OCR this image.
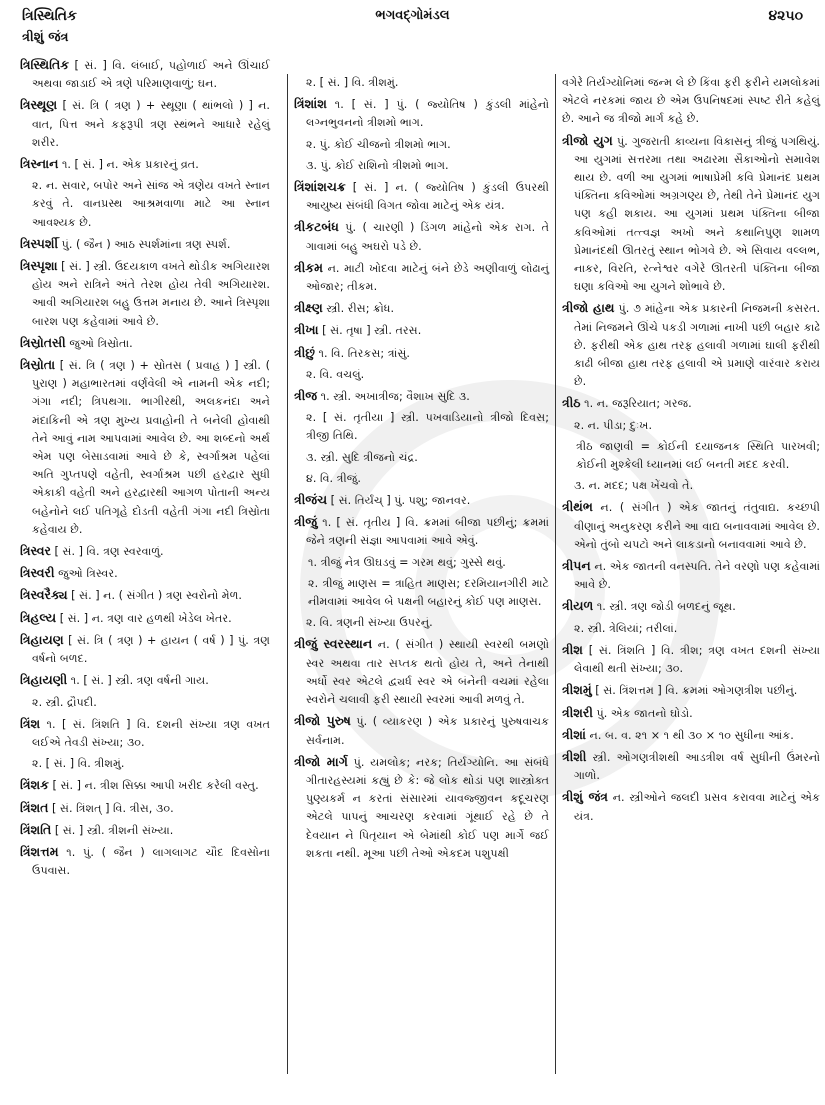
ત્રિસ્થિતિક	ભગવદ્ગોમંડલ	૪૨૫૦
ત્રીશું જંત્ર

ત્રિસ્થિતિક [ સં. ] વિ. લંબાઈ, પહોળાઈ અને ઊંચાઈ અથવા જાડાઈ એ ત્રણે પરિમાણવાળું; ઘન.

ત્રિસ્થૂણ [ સં. ત્રિ ( ત્રણ ) + સ્થૂણા ( થાંભલો ) ] ન. વાત, પિત્ત અને કફરૂપી ત્રણ સ્થંભને આધારે રહેલું શરીર.

ત્રિસ્નાન ૧. [ સં. ] ન. એક પ્રકારનું વ્રત.

૨. ન. સવાર, બપોર અને સાંજ એ ત્રણેય વખતે સ્નાન કરવું તે. વાનપ્રસ્થ આશ્રમવાળા માટે આ સ્નાન આવશ્યક છે.

ત્રિસ્પર્શી પું. ( જૈન ) આઠ સ્પર્શમાંના ત્રણ સ્પર્શ.

ત્રિસ્પૃશા [ સં. ] સ્ત્રી. ઉદયકાળ વખતે થોડીક અગિયારશ હોય અને રાત્રિને અંતે તેરશ હોય તેવી અગિયારશ. આવી અગિયારશ બહુ ઉત્તમ મનાય છે. આને ત્રિસ્પૃશા બારશ પણ કહેવામાં આવે છે.

ત્રિસ્રોતસી જુઓ ત્રિસ્રોતા.

ત્રિસ્રોતા [ સં. ત્રિ ( ત્રણ ) + સ્રોતસ ( પ્રવાહ ) ] સ્ત્રી. ( પુરાણ ) મહાભારતમાં વર્ણવેલી એ નામની એક નદી; ગંગા નદી; ત્રિપથગા. ભાગીરથી, અલકનંદા અને મંદાકિની એ ત્રણ મુખ્ય પ્રવાહોની તે બનેલી હોવાથી તેને આવું નામ આપવામાં આવેલ છે. આ શબ્દનો અર્થ એમ પણ બેસાડવામાં આવે છે કે, સ્વર્ગાશ્રમ પહેલાં અતિ ગુપ્તપણે વહેતી, સ્વર્ગાશ્રમ પછી હરદ્વાર સુધી એકાકી વહેતી અને હરદ્વારથી આગળ પોતાની અન્ય બહેનોને લઈ પતિગૃહે દોડતી વહેતી ગંગા નદી ત્રિસ્રોતા કહેવાય છે.

ત્રિસ્વર [ સં. ] વિ. ત્રણ સ્વરવાળું.

ત્રિસ્વરી જુઓ ત્રિસ્વર.

ત્રિસ્વરૈક્ય [ સં. ] ન. ( સંગીત ) ત્રણ સ્વરોનો મેળ.

ત્રિહલ્ય [ સં. ] ન. ત્રણ વાર હળથી ખેડેલ ખેતર.

ત્રિહાયણ [ સં. ત્રિ ( ત્રણ ) + હાયન ( વર્ષ ) ] પું. ત્રણ વર્ષનો બળદ.

ત્રિહાયણી ૧. [ સં. ] સ્ત્રી. ત્રણ વર્ષની ગાય.

૨. સ્ત્રી. દ્રૌપદી.

ત્રિંશ ૧. [ સં. ત્રિંશતિ ] વિ. દશની સંખ્યા ત્રણ વખત લઈએ તેવડી સંખ્યા; ૩૦.

૨. [ સં. ] વિ. ત્રીશમું.

ત્રિંશક [ સં. ] ન. ત્રીશ સિક્કા આપી ખરીદ કરેલી વસ્તુ.

ત્રિંશત [ સં. ત્રિંશત્ ] વિ. ત્રીસ, ૩૦.

ત્રિંશતિ [ સં. ] સ્ત્રી. ત્રીશની સંખ્યા.

ત્રિંશત્તમ ૧. પું. ( જૈન ) લાગલાગટ ચૌદ દિવસોના ઉપવાસ.

૨. [ સં. ] વિ. ત્રીશમું.

ત્રિંશાંશ ૧. [ સં. ] પું. ( જ્યોતિષ ) કુંડલી માંહેનો લગ્નભુવનનો ત્રીશમો ભાગ.

૨. પું. કોઈ ચીજનો ત્રીશમો ભાગ.

૩. પું. કોઈ રાશિનો ત્રીશમો ભાગ.

ત્રિંશાંશચક્ર [ સં. ] ન. ( જ્યોતિષ ) કુંડલી ઉપરથી આયુષ્ય સંબંધી વિગત જોવા માટેનું એક યંત્ર.

ત્રીકટબંધ પું. ( ચારણી ) ડિંગળ માંહેનો એક રાગ. તે ગાવામાં બહુ અઘરો પડે છે.

ત્રીકમ ન. માટી ખોદવા માટેનું બંને છેડે અણીવાળું લોઢાનું ઓજાર; તીકમ.

ત્રીક્ષ્ણ સ્ત્રી. રીસ; ક્રોધ.

ત્રીખા [ સં. તૃષા ] સ્ત્રી. તરસ.

ત્રીછું ૧. વિ. તિરકસ; ત્રાંસું.

૨. વિ. વચલું.

ત્રીજ ૧. સ્ત્રી. અખાત્રીજ; વૈશાખ સુદિ ૩.

૨. [ સં. તૃતીયા ] સ્ત્રી. પખવાડિયાનો ત્રીજો દિવસ; ત્રીજી તિથિ.

૩. સ્ત્રી. સુદિ ત્રીજનો ચંદ્ર.

૪. વિ. ત્રીજું.

ત્રીજંચ [ સં. તિર્યંચ્ ] પું. પશુ; જાનવર.

ત્રીજું ૧. [ સં. તૃતીય ] વિ. ક્રમમાં બીજા પછીનું; ક્રમમાં જેને ત્રણની સંજ્ઞા આપવામાં આવે એવું.

૧. ત્રીજું નેત્ર ઊઘડવું = ગરમ થવું; ગુસ્સે થવું.

૨. ત્રીજું માણસ = ત્રાહિત માણસ; દરમિયાનગીરી માટે નીમવામાં આવેલ બે પક્ષની બહારનું કોઈ પણ માણસ.

૨. વિ. ત્રણની સંખ્યા ઉપરનું.

ત્રીજું સ્વરસ્થાન ન. ( સંગીત ) સ્થાયી સ્વરથી બમણો સ્વર અથવા તાર સપ્તક થતો હોય તે, અને તેનાથી અર્ધો સ્વર એટલે દ્વ્યર્ધ સ્વર એ બંનેની વચમાં રહેલા સ્વરોને ચલાવી ફરી સ્થાયી સ્વરમાં આવી મળવું તે.

ત્રીજો પુરુષ પું. ( વ્યાકરણ ) એક પ્રકારનું પુરુષવાચક સર્વનામ.

ત્રીજો માર્ગ પું. યમલોક; નરક; તિર્યગ્યોનિ. આ સંબંધે ગીતારહસ્યમાં કહ્યું છે કે: જે લોક થોડાં પણ શાસ્ત્રોક્ત પુણ્યકર્મ ન કરતાં સંસારમાં યાવજ્જીવન કદૂચરણ એટલે પાપનું આચરણ કરવામાં ગૂંથાઈ રહે છે તે દેવયાન ને પિતૃયાન એ બેમાંથી કોઈ પણ માર્ગે જઈ શકતા નથી. મૂઆ પછી તેઓ એકદમ પશુપક્ષી

વગેરે તિર્યગ્યોનિમાં જન્મ લે છે કિંવા ફરી ફરીને યમલોકમાં એટલે નરકમાં જાય છે એમ ઉપનિષદમાં સ્પષ્ટ રીતે કહેલું છે. આને જ ત્રીજો માર્ગ કહે છે.

ત્રીજો યુગ પું. ગુજરાતી કાવ્યના વિકાસનું ત્રીજું પગથિયું. આ યુગમાં સત્તરમા તથા અઢારમા સૈકાઓનો સમાવેશ થાય છે. વળી આ યુગમાં ભાષાપ્રેમી કવિ પ્રેમાનંદ પ્રથમ પંક્તિના કવિઓમાં અગ્રગણ્ય છે, તેથી તેને પ્રેમાનંદ યુગ પણ કહી શકાય. આ યુગમાં પ્રથમ પંક્તિના બીજા કવિઓમાં તત્ત્વજ્ઞ અખો અને કથાનિપુણ શામળ પ્રેમાનંદથી ઊતરતું સ્થાન ભોગવે છે. એ સિવાય વલ્લભ, નાકર, વિરતિ, રત્નેશ્વર વગેરે ઊતરતી પંક્તિના બીજા ઘણા કવિઓ આ યુગને શોભાવે છે.

ત્રીજો હાથ પું. ૭ માંહેના એક પ્રકારની નિજમની કસરત. તેમાં નિજમને ઊંચે પકડી ગળામાં નાખી પછી બહાર કાઢે છે. ફરીથી એક હાથ તરફ હલાવી ગળામાં ઘાલી ફરીથી કાઢી બીજા હાથ તરફ હલાવી એ પ્રમાણે વારંવાર કરાય છે.

ત્રીઠ ૧. ન. જરૂરિયાત; ગરજ.

૨. ન. પીડા; દુઃખ.

ત્રીઠ જાણવી = કોઈની દયાજનક સ્થિતિ પારખવી; કોઈની મુશ્કેલી ધ્યાનમાં લઈ બનતી મદદ કરવી.

૩. ન. મદદ; પક્ષ ખેંચવો તે.

ત્રીથંભ ન. ( સંગીત ) એક જાતનું તંતુવાદ્ય. કચ્છપી વીણાનું અનુકરણ કરીને આ વાદ્ય બનાવવામાં આવેલ છે. એનો તુંબો ચપટો અને લાકડાનો બનાવવામાં આવે છે.

ત્રીપન ન. એક જાતની વનસ્પતિ. તેને વરણો પણ કહેવામાં આવે છે.

ત્રીયળ ૧. સ્ત્રી. ત્રણ જોડી બળદનું જૂથ.

૨. સ્ત્રી. ત્રેલિયાં; તરીલાં.

ત્રીશ [ સં. ત્રિંશતિ ] વિ. ત્રીશ; ત્રણ વખત દશની સંખ્યા લેવાથી થતી સંખ્યા; ૩૦.

ત્રીશમું [ સં. ત્રિંશત્તમ ] વિ. ક્રમમાં ઓગણત્રીશ પછીનું.

ત્રીશરી પું. એક જાતનો ઘોડો.

ત્રીશાં ન. બ. વ. ૨૧ × ૧ થી ૩૦ × ૧૦ સુધીના આંક.

ત્રીશી સ્ત્રી. ઓગણત્રીશથી આડત્રીશ વર્ષ સુધીની ઉંમરનો ગાળો.

ત્રીશું જંત્ર ન. સ્ત્રીઓને જલદી પ્રસવ કરાવવા માટેનું એક યંત્ર.
